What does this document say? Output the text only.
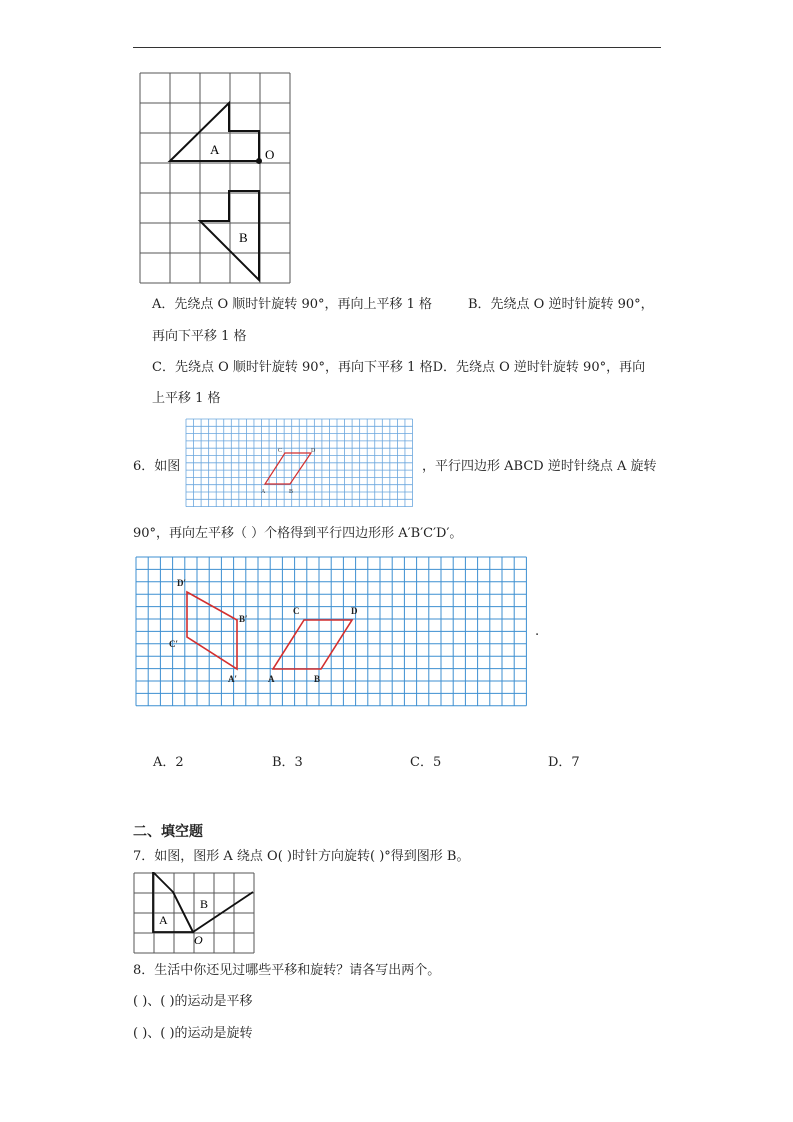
A	O
B
A．先绕点 O 顺时针旋转 90°，再向上平移 1 格	B．先绕点 O 逆时针旋转 90°，
再向下平移 1 格
C．先绕点 O 顺时针旋转 90°，再向下平移 1 格D．先绕点 O 逆时针旋转 90°，再向
上平移 1 格
6．如图
A	B
C	D
，平行四边形 ABCD 逆时针绕点 A 旋转
90°，再向左平移（ ）个格得到平行四边形形 A′B′C′D′。
A	B
C	D
A′
B′
C′
D′
.
A．2	B．3	C．5	D．7
二、填空题
7．如图，图形 A 绕点 O( )时针方向旋转( )°得到图形 B。
A
B
O
8．生活中你还见过哪些平移和旋转？请各写出两个。
( )、( )的运动是平移
( )、( )的运动是旋转
